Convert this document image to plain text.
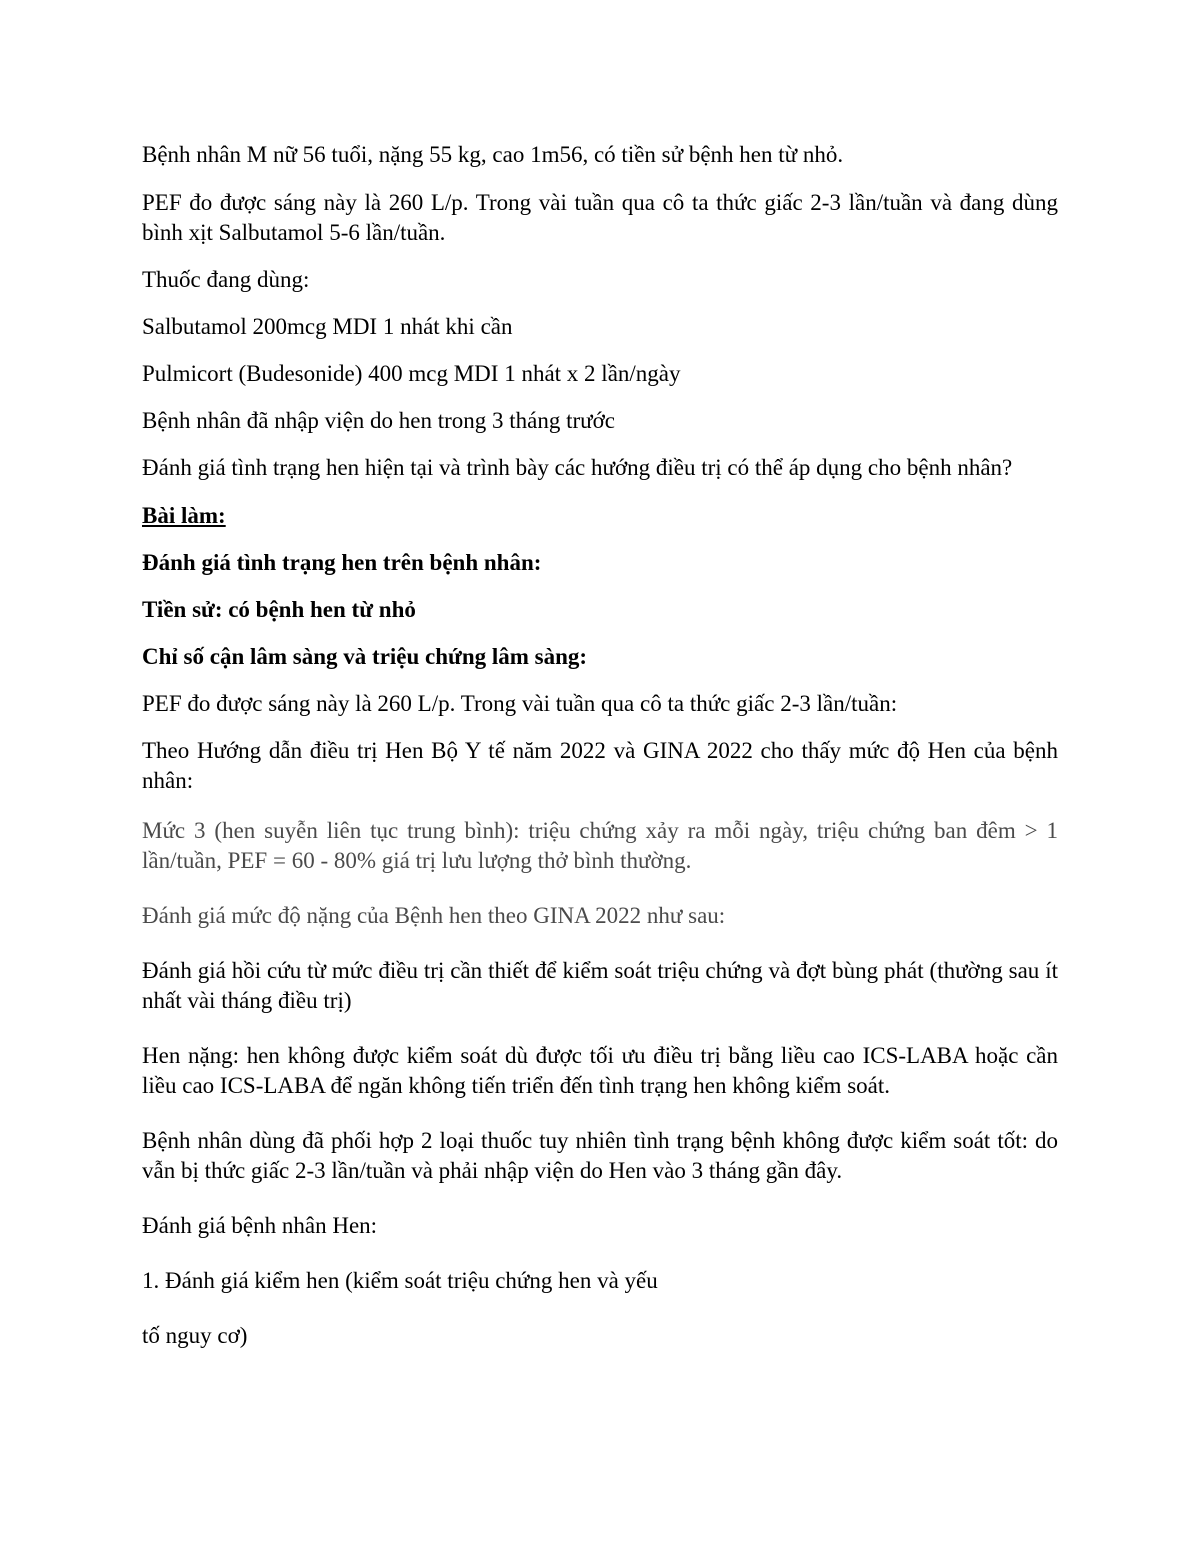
Bệnh nhân M nữ 56 tuổi, nặng 55 kg, cao 1m56, có tiền sử bệnh hen từ nhỏ.

PEF đo được sáng này là 260 L/p. Trong vài tuần qua cô ta thức giấc 2-3 lần/tuần và đang dùng bình xịt Salbutamol 5-6 lần/tuần.

Thuốc đang dùng:

Salbutamol 200mcg MDI 1 nhát khi cần

Pulmicort (Budesonide) 400 mcg MDI 1 nhát x 2 lần/ngày

Bệnh nhân đã nhập viện do hen trong 3 tháng trước

Đánh giá tình trạng hen hiện tại và trình bày các hướng điều trị có thể áp dụng cho bệnh nhân?

Bài làm:

Đánh giá tình trạng hen trên bệnh nhân:

Tiền sử: có bệnh hen từ nhỏ

Chỉ số cận lâm sàng và triệu chứng lâm sàng:

PEF đo được sáng này là 260 L/p. Trong vài tuần qua cô ta thức giấc 2-3 lần/tuần:

Theo Hướng dẫn điều trị Hen Bộ Y tế năm 2022 và GINA 2022 cho thấy mức độ Hen của bệnh nhân:

Mức 3 (hen suyễn liên tục trung bình): triệu chứng xảy ra mỗi ngày, triệu chứng ban đêm > 1 lần/tuần, PEF = 60 - 80% giá trị lưu lượng thở bình thường.

Đánh giá mức độ nặng của Bệnh hen theo GINA 2022 như sau:

Đánh giá hồi cứu từ mức điều trị cần thiết để kiểm soát triệu chứng và đợt bùng phát (thường sau ít nhất vài tháng điều trị)

Hen nặng: hen không được kiểm soát dù được tối ưu điều trị bằng liều cao ICS-LABA hoặc cần liều cao ICS-LABA để ngăn không tiến triển đến tình trạng hen không kiểm soát.

Bệnh nhân dùng đã phối hợp 2 loại thuốc tuy nhiên tình trạng bệnh không được kiểm soát tốt: do vẫn bị thức giấc 2-3 lần/tuần và phải nhập viện do Hen vào 3 tháng gần đây.

Đánh giá bệnh nhân Hen:

1. Đánh giá kiểm hen (kiểm soát triệu chứng hen và yếu

tố nguy cơ)
